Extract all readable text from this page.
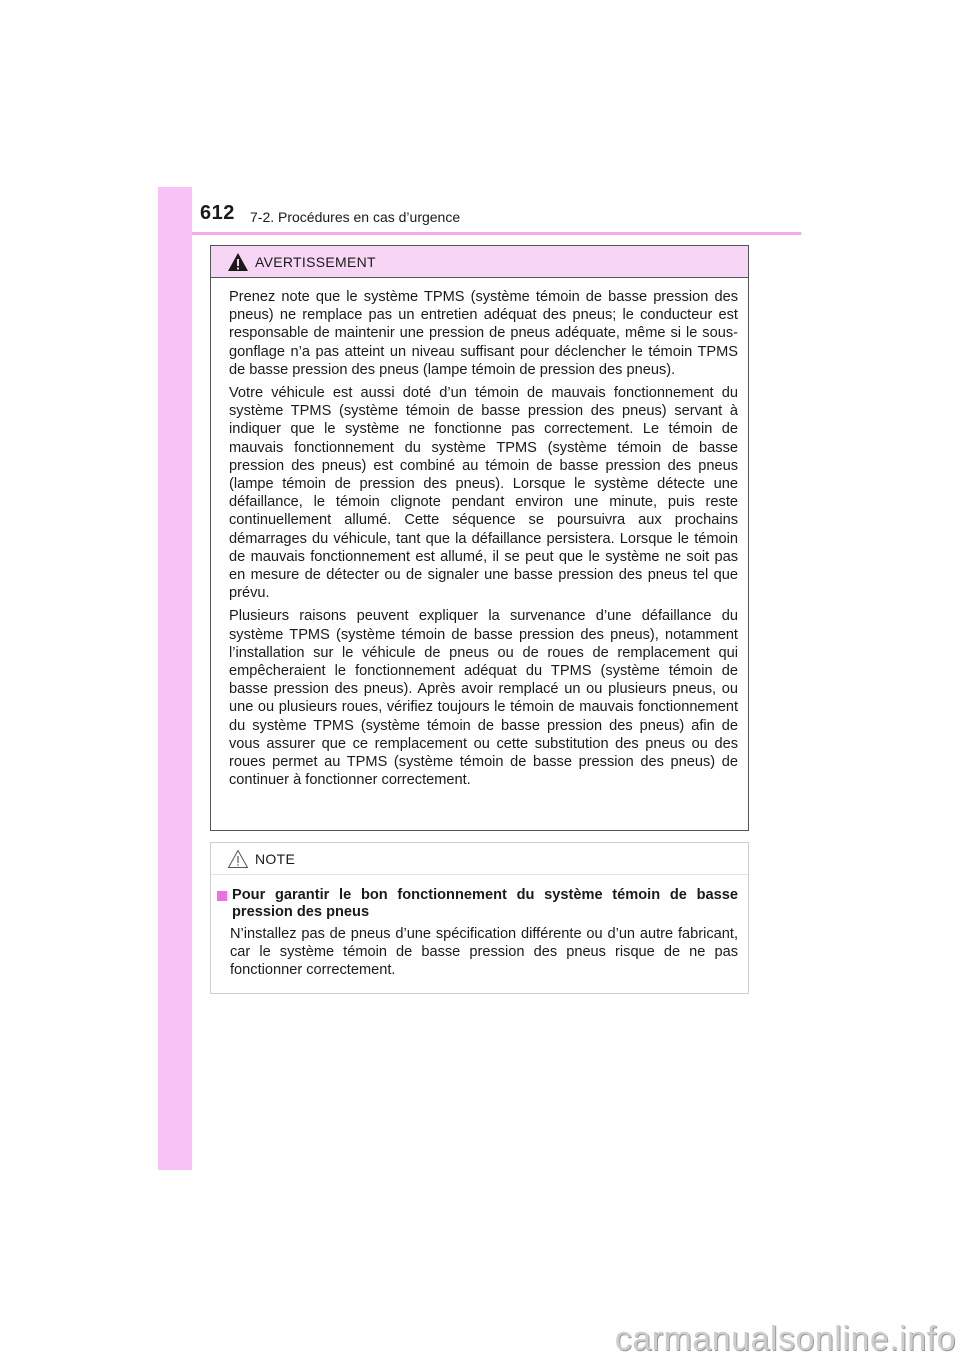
612 7-2. Procédures en cas d’urgence
AVERTISSEMENT

Prenez note que le système TPMS (système témoin de basse pression des pneus) ne remplace pas un entretien adéquat des pneus; le conducteur est responsable de maintenir une pression de pneus adéquate, même si le sous-gonflage n’a pas atteint un niveau suffisant pour déclencher le témoin TPMS de basse pression des pneus (lampe témoin de pression des pneus).

Votre véhicule est aussi doté d’un témoin de mauvais fonctionnement du système TPMS (système témoin de basse pression des pneus) servant à indiquer que le système ne fonctionne pas correctement. Le témoin de mauvais fonctionnement du système TPMS (système témoin de basse pression des pneus) est combiné au témoin de basse pression des pneus (lampe témoin de pression des pneus). Lorsque le système détecte une défaillance, le témoin clignote pendant environ une minute, puis reste continuellement allumé. Cette séquence se poursuivra aux prochains démarrages du véhicule, tant que la défaillance persistera. Lorsque le témoin de mauvais fonctionnement est allumé, il se peut que le système ne soit pas en mesure de détecter ou de signaler une basse pression des pneus tel que prévu.

Plusieurs raisons peuvent expliquer la survenance d’une défaillance du système TPMS (système témoin de basse pression des pneus), notamment l’installation sur le véhicule de pneus ou de roues de remplacement qui empêcheraient le fonctionnement adéquat du TPMS (système témoin de basse pression des pneus). Après avoir remplacé un ou plusieurs pneus, ou une ou plusieurs roues, vérifiez toujours le témoin de mauvais fonctionnement du système TPMS (système témoin de basse pression des pneus) afin de vous assurer que ce remplacement ou cette substitution des pneus ou des roues permet au TPMS (système témoin de basse pression des pneus) de continuer à fonctionner correctement.

NOTE

Pour garantir le bon fonctionnement du système témoin de basse pression des pneus

N’installez pas de pneus d’une spécification différente ou d’un autre fabricant, car le système témoin de basse pression des pneus risque de ne pas fonctionner correctement.

carmanualsonline.info
